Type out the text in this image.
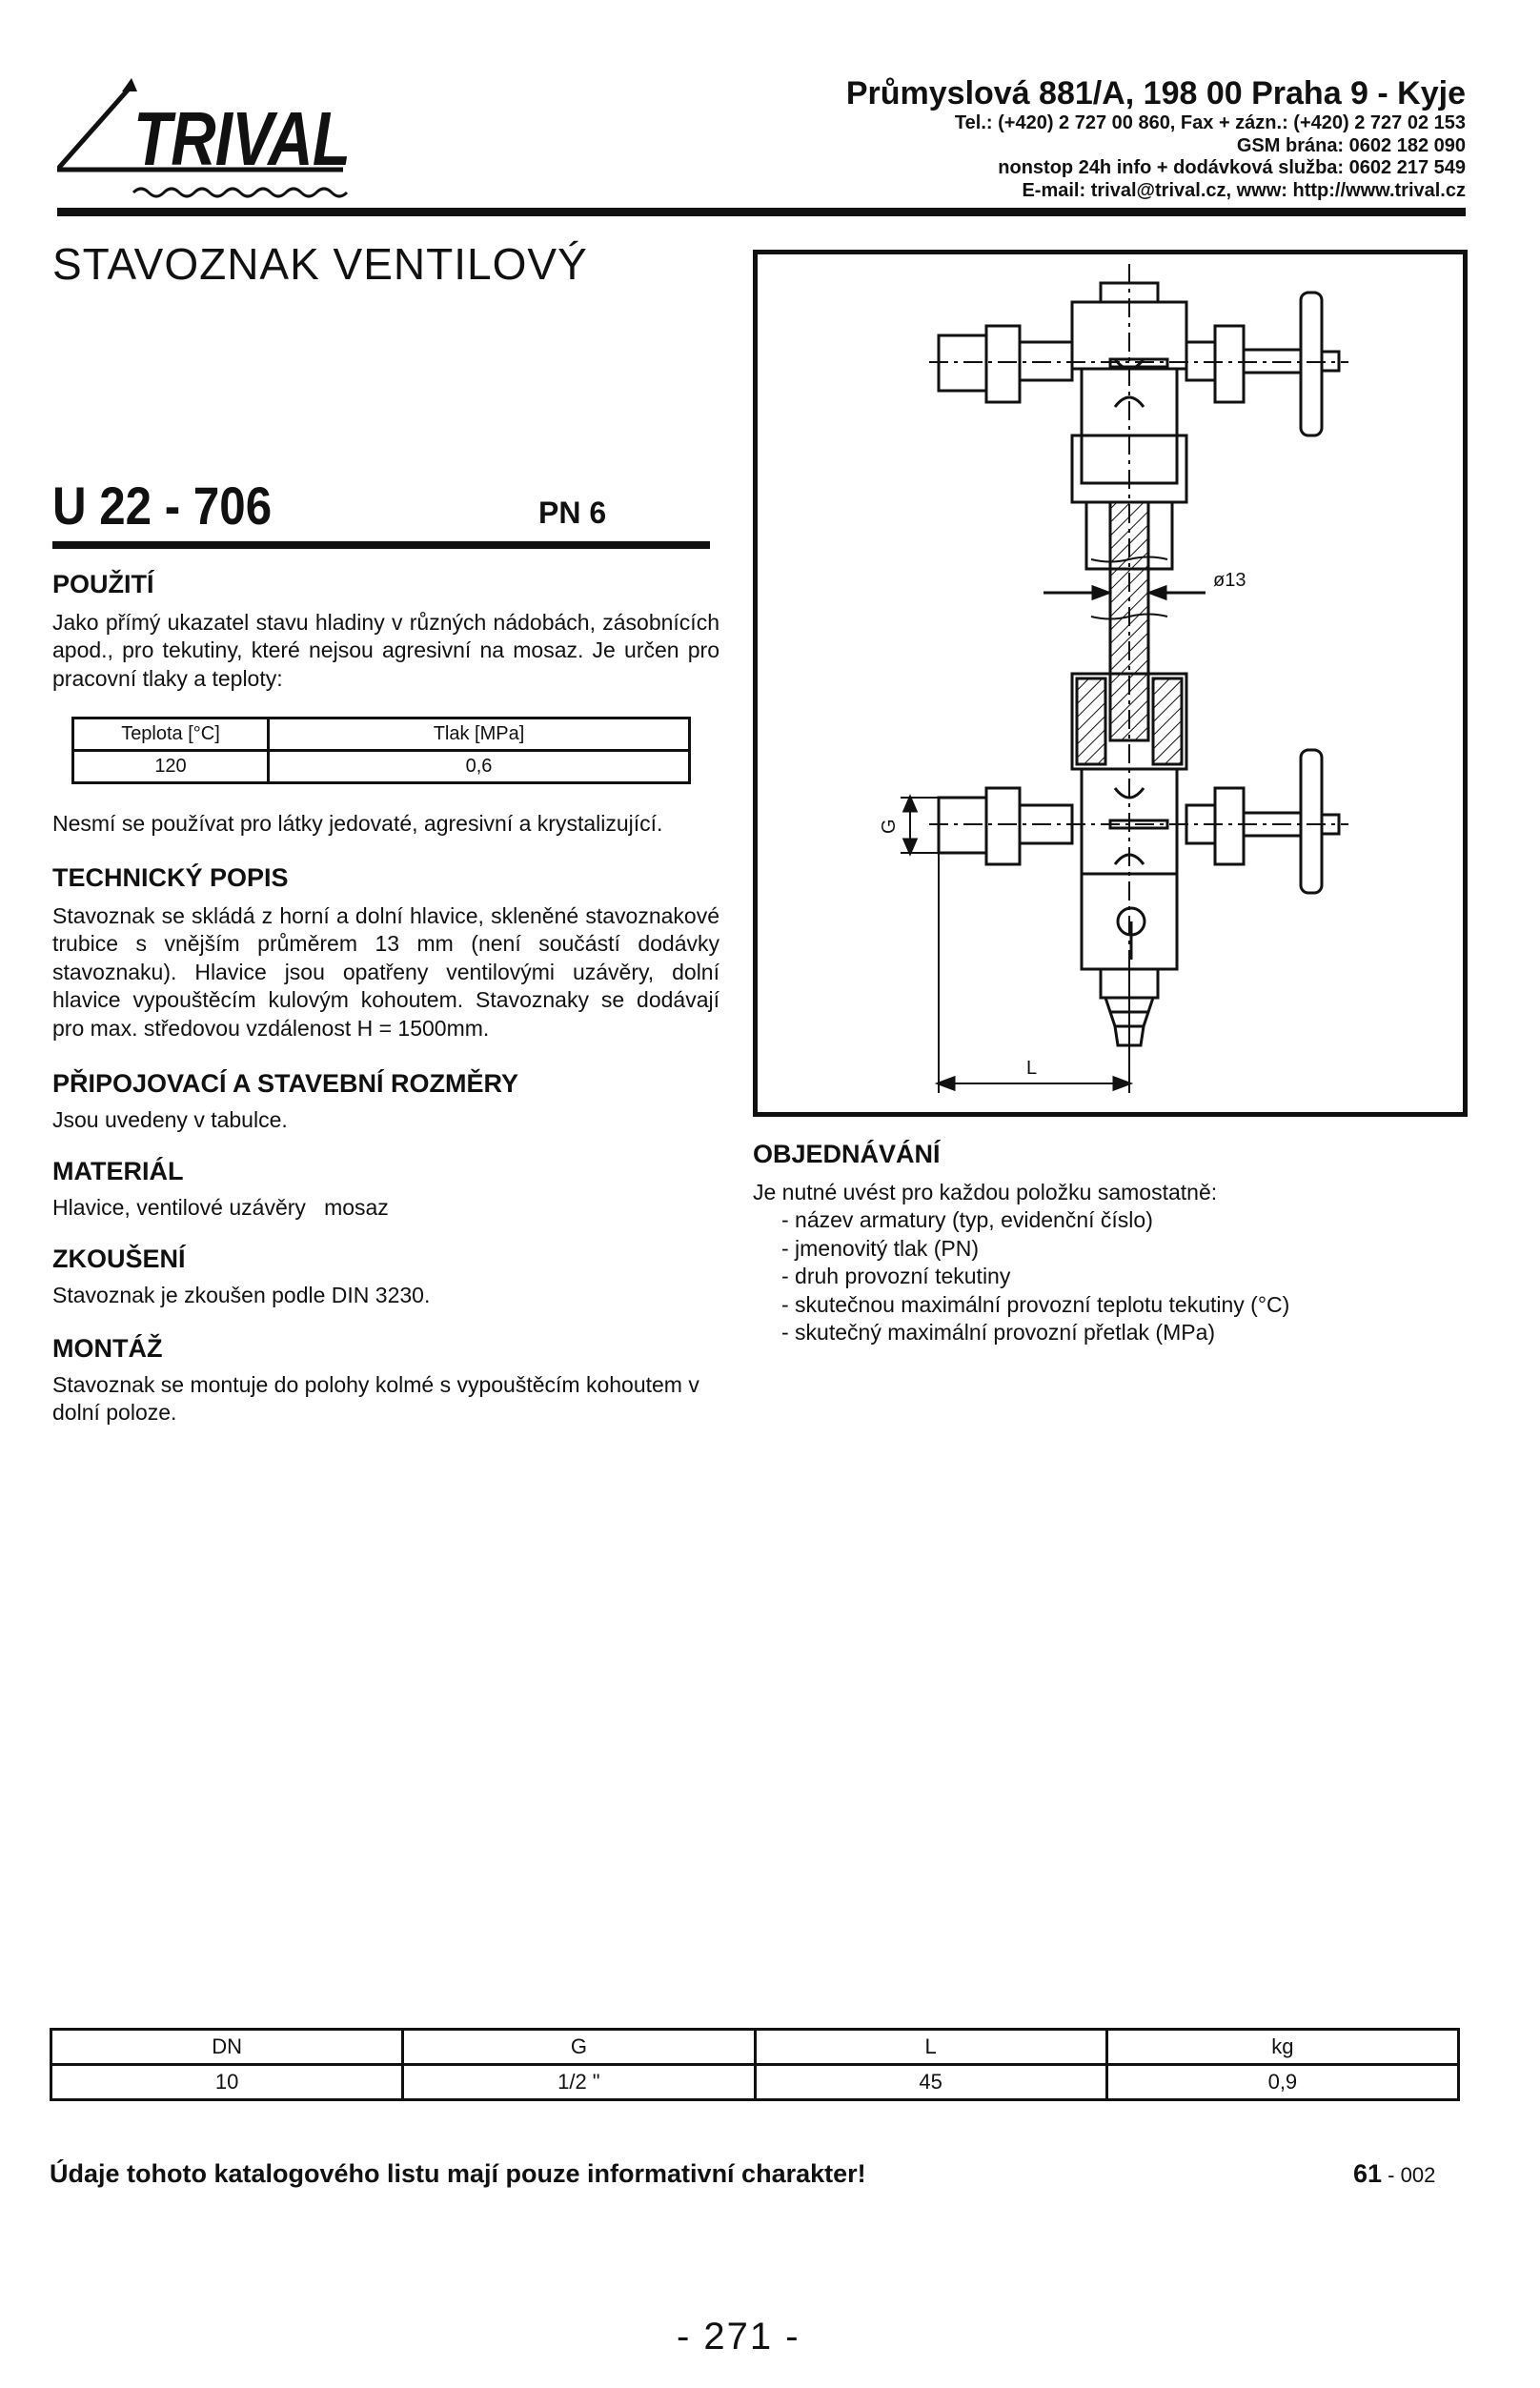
TRIVAL
Průmyslová 881/A, 198 00 Praha 9 - Kyje
Tel.: (+420) 2 727 00 860, Fax + zázn.: (+420) 2 727 02 153
GSM brána: 0602 182 090
nonstop 24h info + dodávková služba: 0602 217 549
E-mail: trival@trival.cz, www: http://www.trival.cz
STAVOZNAK VENTILOVÝ
U 22 - 706	PN 6
POUŽITÍ

Jako přímý ukazatel stavu hladiny v různých nádobách, zásobnících apod., pro tekutiny, které nejsou agresivní na mosaz. Je určen pro pracovní tlaky a teploty:

Teplota [°C]	Tlak [MPa]
120	0,6

Nesmí se používat pro látky jedovaté, agresivní a krystalizující.

TECHNICKÝ POPIS

Stavoznak se skládá z horní a dolní hlavice, skleněné stavoznakové trubice s vnějším průměrem 13 mm (není součástí dodávky stavoznaku). Hlavice jsou opatřeny ventilovými uzávěry, dolní hlavice vypouštěcím kulovým kohoutem. Stavoznaky se dodávají pro max. středovou vzdálenost H = 1500mm.

PŘIPOJOVACÍ A STAVEBNÍ ROZMĚRY

Jsou uvedeny v tabulce.

MATERIÁL

Hlavice, ventilové uzávěry   mosaz

ZKOUŠENÍ

Stavoznak je zkoušen podle DIN 3230.

MONTÁŽ

Stavoznak se montuje do polohy kolmé s vypouštěcím kohoutem v dolní poloze.

ø13
G
L
OBJEDNÁVÁNÍ

Je nutné uvést pro každou položku samostatně:

- název armatury (typ, evidenční číslo)
- jmenovitý tlak (PN)
- druh provozní tekutiny
- skutečnou maximální provozní teplotu tekutiny (°C)
- skutečný maximální provozní přetlak (MPa)
DN	G	L	kg
10	1/2 "	45	0,9
Údaje tohoto katalogového listu mají pouze informativní charakter!	61 - 002
- 271 -
